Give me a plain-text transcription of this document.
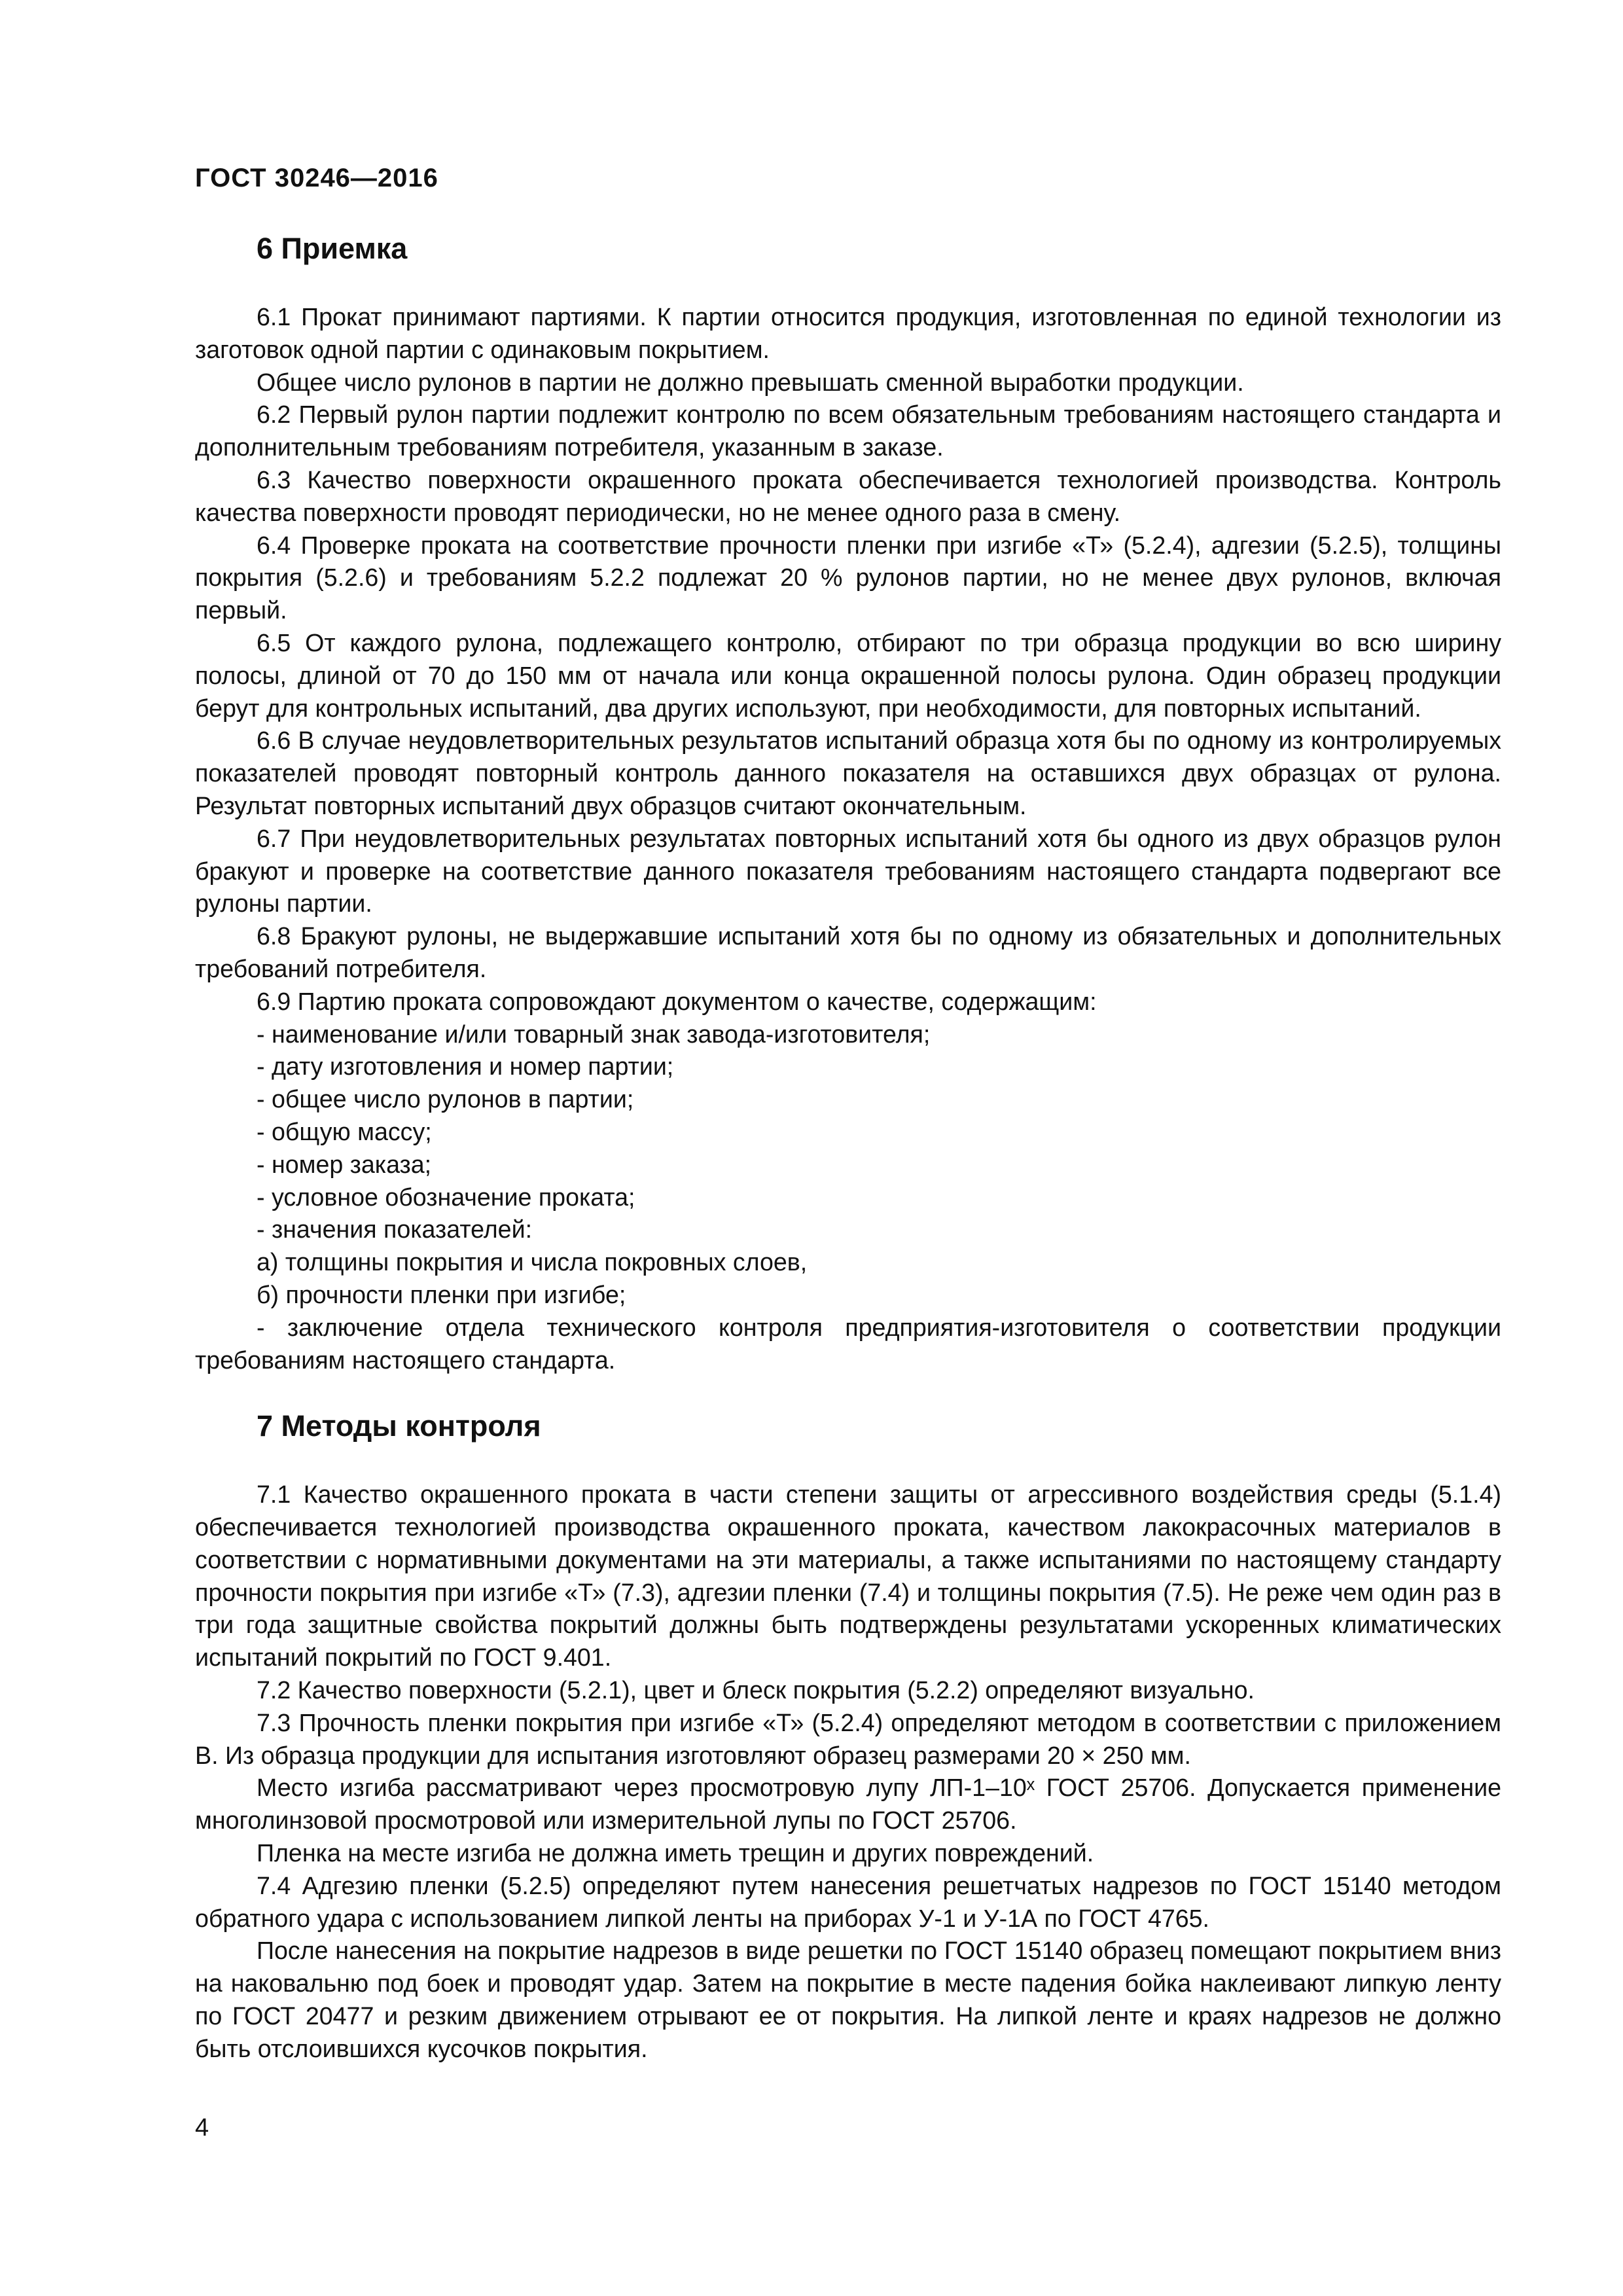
ГОСТ 30246—2016
6 Приемка

6.1 Прокат принимают партиями. К партии относится продукция, изготовленная по единой технологии из заготовок одной партии с одинаковым покрытием.

Общее число рулонов в партии не должно превышать сменной выработки продукции.

6.2 Первый рулон партии подлежит контролю по всем обязательным требованиям настоящего стандарта и дополнительным требованиям потребителя, указанным в заказе.

6.3 Качество поверхности окрашенного проката обеспечивается технологией производства. Контроль качества поверхности проводят периодически, но не менее одного раза в смену.

6.4 Проверке проката на соответствие прочности пленки при изгибе «Т» (5.2.4), адгезии (5.2.5), толщины покрытия (5.2.6) и требованиям 5.2.2 подлежат 20 % рулонов партии, но не менее двух рулонов, включая первый.

6.5 От каждого рулона, подлежащего контролю, отбирают по три образца продукции во всю ширину полосы, длиной от 70 до 150 мм от начала или конца окрашенной полосы рулона. Один образец продукции берут для контрольных испытаний, два других используют, при необходимости, для повторных испытаний.

6.6 В случае неудовлетворительных результатов испытаний образца хотя бы по одному из контролируемых показателей проводят повторный контроль данного показателя на оставшихся двух образцах от рулона. Результат повторных испытаний двух образцов считают окончательным.

6.7 При неудовлетворительных результатах повторных испытаний хотя бы одного из двух образцов рулон бракуют и проверке на соответствие данного показателя требованиям настоящего стандарта подвергают все рулоны партии.

6.8 Бракуют рулоны, не выдержавшие испытаний хотя бы по одному из обязательных и дополнительных требований потребителя.

6.9 Партию проката сопровождают документом о качестве, содержащим:

- наименование и/или товарный знак завода-изготовителя;
- дату изготовления и номер партии;
- общее число рулонов в партии;
- общую массу;
- номер заказа;
- условное обозначение проката;
- значения показателей:
а) толщины покрытия и числа покровных слоев,
б) прочности пленки при изгибе;

- заключение отдела технического контроля предприятия-изготовителя о соответствии продукции требованиям настоящего стандарта.

7 Методы контроля

7.1 Качество окрашенного проката в части степени защиты от агрессивного воздействия среды (5.1.4) обеспечивается технологией производства окрашенного проката, качеством лакокрасочных материалов в соответствии с нормативными документами на эти материалы, а также испытаниями по настоящему стандарту прочности покрытия при изгибе «Т» (7.3), адгезии пленки (7.4) и толщины покрытия (7.5). Не реже чем один раз в три года защитные свойства покрытий должны быть подтверждены результатами ускоренных климатических испытаний покрытий по ГОСТ 9.401.

7.2 Качество поверхности (5.2.1), цвет и блеск покрытия (5.2.2) определяют визуально.

7.3 Прочность пленки покрытия при изгибе «Т» (5.2.4) определяют методом в соответствии с приложением В. Из образца продукции для испытания изготовляют образец размерами 20 × 250 мм.

Место изгиба рассматривают через просмотровую лупу ЛП-1–10ˣ ГОСТ 25706. Допускается применение многолинзовой просмотровой или измерительной лупы по ГОСТ 25706.

Пленка на месте изгиба не должна иметь трещин и других повреждений.

7.4 Адгезию пленки (5.2.5) определяют путем нанесения решетчатых надрезов по ГОСТ 15140 методом обратного удара с использованием липкой ленты на приборах У-1 и У-1А по ГОСТ 4765.

После нанесения на покрытие надрезов в виде решетки по ГОСТ 15140 образец помещают покрытием вниз на наковальню под боек и проводят удар. Затем на покрытие в месте падения бойка наклеивают липкую ленту по ГОСТ 20477 и резким движением отрывают ее от покрытия. На липкой ленте и краях надрезов не должно быть отслоившихся кусочков покрытия.

4
